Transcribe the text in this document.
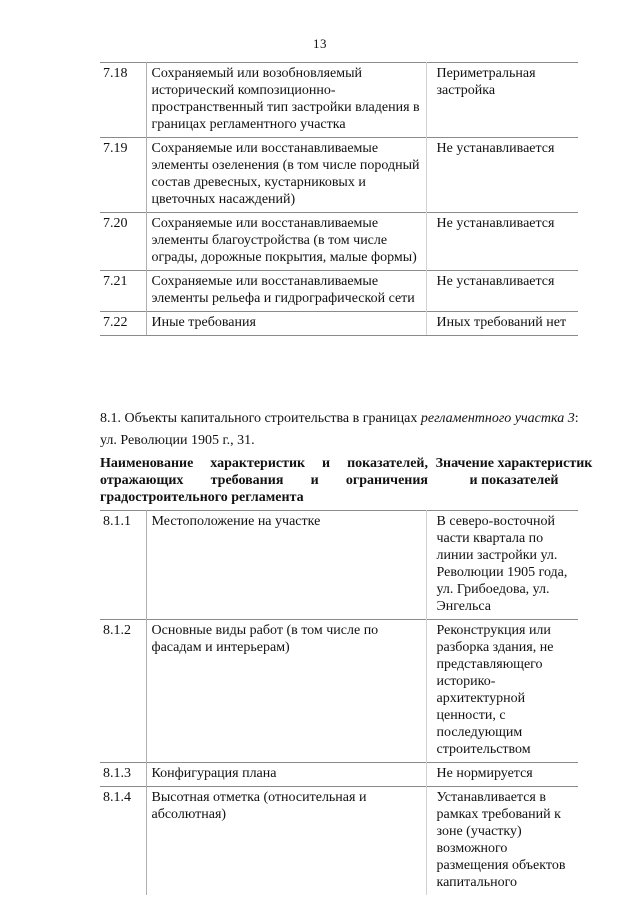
13
7.18	Сохраняемый или возобновляемый исторический композиционно-пространственный тип застройки владения в границах регламентного участка	Периметральная застройка
7.19	Сохраняемые или восстанавливаемые элементы озеленения (в том числе породный состав древесных, кустарниковых и цветочных насаждений)	Не устанавливается
7.20	Сохраняемые или восстанавливаемые элементы благоустройства (в том числе ограды, дорожные покрытия, малые формы)	Не устанавливается
7.21	Сохраняемые или восстанавливаемые элементы рельефа и гидрографической сети	Не устанавливается
7.22	Иные требования	Иных требований нет
8.1. Объекты капитального строительства в границах регламентного участка 3: ул. Революции 1905 г., 31.
Наименование характеристик и показателей, отражающих требования и ограничения градостроительного регламента
Значение характеристик и показателей
8.1.1	Местоположение на участке	В северо-восточной части квартала по линии застройки ул. Революции 1905 года, ул. Грибоедова, ул. Энгельса
8.1.2	Основные виды работ (в том числе по фасадам и интерьерам)	Реконструкция или разборка здания, не представляющего историко-архитектурной ценности, с последующим строительством
8.1.3	Конфигурация плана	Не нормируется
8.1.4	Высотная отметка (относительная и абсолютная)	Устанавливается в рамках требований к зоне (участку) возможного размещения объектов капитального
